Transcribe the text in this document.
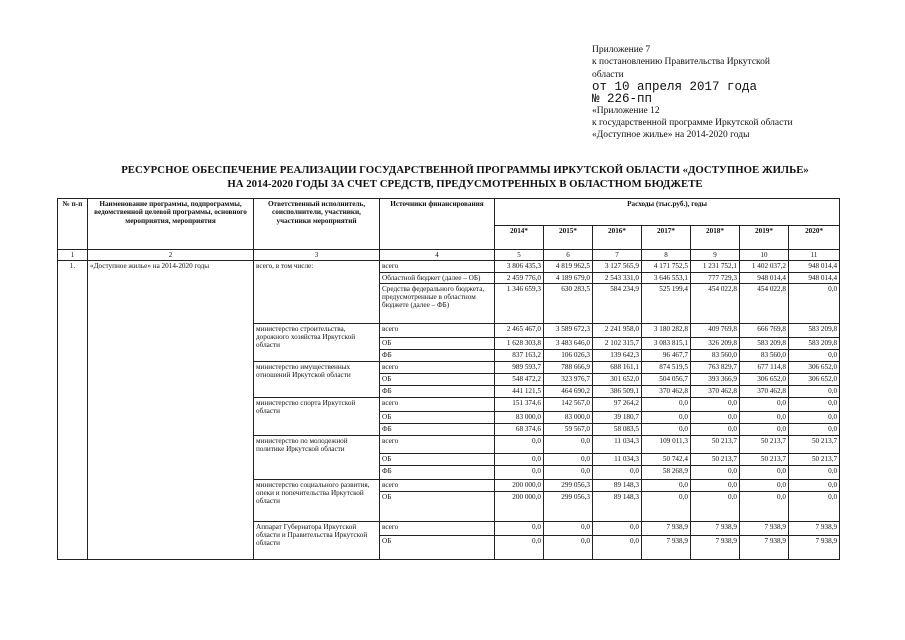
Приложение 7
к постановлению Правительства Иркутской
области
от 10 апреля 2017 года
№ 226-пп
«Приложение 12
к государственной программе Иркутской области
«Доступное жилье» на 2014-2020 годы
РЕСУРСНОЕ ОБЕСПЕЧЕНИЕ РЕАЛИЗАЦИИ ГОСУДАРСТВЕННОЙ ПРОГРАММЫ ИРКУТСКОЙ ОБЛАСТИ «ДОСТУПНОЕ ЖИЛЬЕ»
НА 2014-2020 ГОДЫ ЗА СЧЕТ СРЕДСТВ, ПРЕДУСМОТРЕННЫХ В ОБЛАСТНОМ БЮДЖЕТЕ
№ п-п	Наименование программы, подпрограммы, ведомственной целевой программы, основного мероприятия, мероприятия	Ответственный исполнитель, соисполнители, участники, участники мероприятий	Источники финансирования	Расходы (тыс.руб.), годы						
				2014*	2015*	2016*	2017*	2018*	2019*	2020*
1	2	3	4	5	6	7	8	9	10	11
1.	«Доступное жилье» на 2014-2020 годы	всего, в том числе:	всего	3 806 435,3	4 819 962,5	3 127 565,9	4 171 752,5	1 231 752,1	1 402 037,2	948 014,4
			Областной бюджет (далее – ОБ)	2 459 776,0	4 189 679,0	2 543 331,0	3 646 553,1	777 729,3	948 014,4	948 014,4
			Средства федерального бюджета, предусмотренные в областном бюджете (далее – ФБ)	1 346 659,3	630 283,5	584 234,9	525 199,4	454 022,8	454 022,8	0,0
		министерство строительства, дорожного хозяйства Иркутской области	всего	2 465 467,0	3 589 672,3	2 241 958,0	3 180 282,8	409 769,8	666 769,8	583 209,8
			ОБ	1 628 303,8	3 483 646,0	2 102 315,7	3 083 815,1	326 209,8	583 209,8	583 209,8
			ФБ	837 163,2	106 026,3	139 642,3	96 467,7	83 560,0	83 560,0	0,0
		министерство имущественных отношений Иркутской области	всего	989 593,7	788 666,9	688 161,1	874 519,5	763 829,7	677 114,8	306 652,0
			ОБ	548 472,2	323 976,7	301 652,0	504 056,7	393 366,9	306 652,0	306 652,0
			ФБ	441 121,5	464 690,2	386 509,1	370 462,8	370 462,8	370 462,8	0,0
		министерство спорта Иркутской области	всего	151 374,6	142 567,0	97 264,2	0,0	0,0	0,0	0,0
			ОБ	83 000,0	83 000,0	39 180,7	0,0	0,0	0,0	0,0
			ФБ	68 374,6	59 567,0	58 083,5	0,0	0,0	0,0	0,0
		министерство по молодежной политике Иркутской области	всего	0,0	0,0	11 034,3	109 011,3	50 213,7	50 213,7	50 213,7
			ОБ	0,0	0,0	11 034,3	50 742,4	50 213,7	50 213,7	50 213,7
			ФБ	0,0	0,0	0,0	58 268,9	0,0	0,0	0,0
		министерство социального развития, опеки и попечительства Иркутской области	всего	200 000,0	299 056,3	89 148,3	0,0	0,0	0,0	0,0
			ОБ	200 000,0	299 056,3	89 148,3	0,0	0,0	0,0	0,0
		Аппарат Губернатора Иркутской области и Правительства Иркутской области	всего	0,0	0,0	0,0	7 938,9	7 938,9	7 938,9	7 938,9
			ОБ	0,0	0,0	0,0	7 938,9	7 938,9	7 938,9	7 938,9
